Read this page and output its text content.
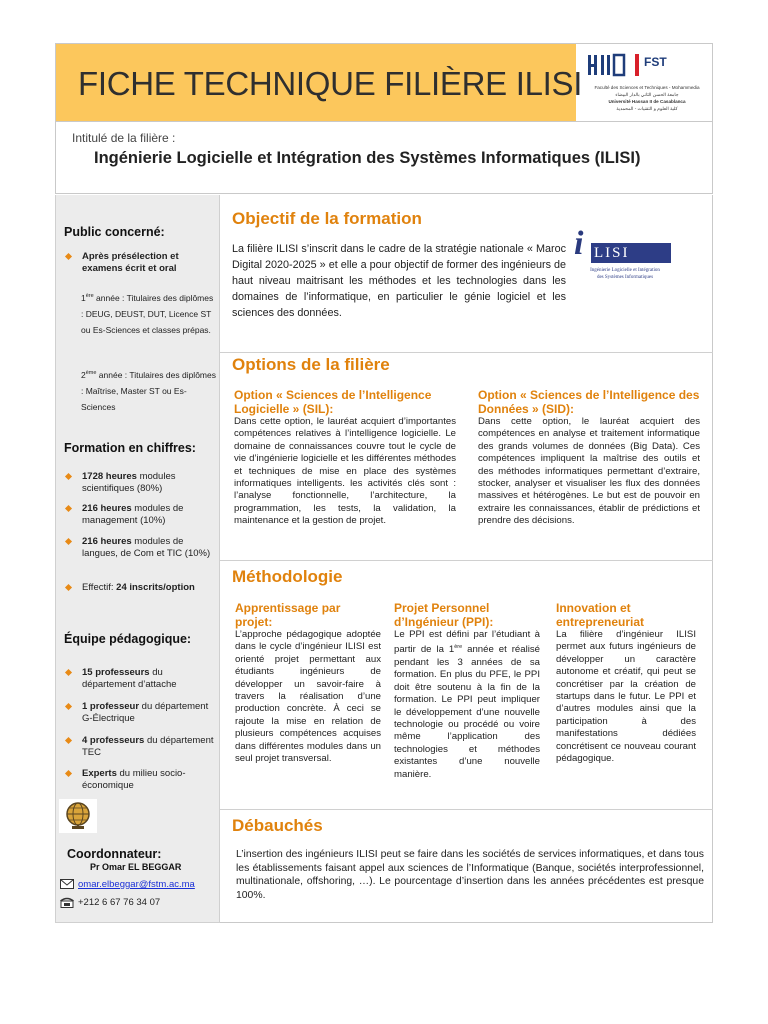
FICHE TECHNIQUE FILIÈRE ILISI
FST
Faculté des Sciences et Techniques - Mohammedia
جامعة الحسن الثاني بالدار البيضاء
Université Hassan II de Casablanca
كلية العلوم و التقنيات - المحمدية
Intitulé de la filière :
Ingénierie Logicielle et Intégration des Systèmes Informatiques (ILISI)
Public concerné:
Après présélection et examens écrit et oral
1ère année : Titulaires des diplômes : DEUG, DEUST, DUT, Licence ST ou Es-Sciences et classes prépas.
2ème année : Titulaires des diplômes : Maîtrise, Master ST ou Es-Sciences
Formation en chiffres:
1728 heures modules scientifiques (80%)
216 heures modules de management (10%)
216 heures modules de langues, de Com et TIC (10%)
Effectif: 24 inscrits/option
Équipe pédagogique:
15 professeurs du département d’attache
1 professeur du département G-Électrique
4 professeurs du département TEC
Experts du milieu socio-économique
Coordonnateur:
Pr Omar EL BEGGAR
omar.elbeggar@fstm.ac.ma
+212 6 67 76 34 07
Objectif de la formation
La filière ILISI s’inscrit dans le cadre de la stratégie nationale « Maroc Digital 2020-2025 » et elle a pour objectif de former des ingénieurs de haut niveau maitrisant les méthodes et les technologies dans les domaines de l’informatique, en particulier le génie logiciel et les sciences des données.
i LISI
Ingénierie Logicielle et Intégration
des Systèmes Informatiques
Options de la filière
Option « Sciences de l’Intelligence Logicielle » (SIL):
Dans cette option, le lauréat acquiert d’importantes compétences relatives à l’intelligence logicielle. Le domaine de connaissances couvre tout le cycle de vie d’ingénierie logicielle et les différentes méthodes et techniques de mise en place des systèmes informatiques intelligents. les activités clés sont : l’analyse fonctionnelle, l’architecture, la programmation, les tests, la validation, la maintenance et la gestion de projet.
Option « Sciences de l’Intelligence des Données » (SID):
Dans cette option, le lauréat acquiert des compétences en analyse et traitement informatique des grands volumes de données (Big Data). Ces compétences impliquent la maîtrise des outils et des méthodes informatiques permettant d’extraire, stocker, analyser et visualiser les flux des données massives et hétérogènes. Le but est de pouvoir en extraire les connaissances, établir de prédictions et prendre des décisions.
Méthodologie
Apprentissage par projet:
L’approche pédagogique adoptée dans le cycle d’ingénieur ILISI est orienté projet permettant aux étudiants ingénieurs de développer un savoir-faire à travers la réalisation d’une production concrète. À ceci se rajoute la mise en relation de plusieurs compétences acquises dans différentes modules dans un seul projet transversal.
Projet Personnel d’Ingénieur (PPI):
Le PPI est défini par l’étudiant à partir de la 1ère année et réalisé pendant les 3 années de sa formation. En plus du PFE, le PPI doit être soutenu à la fin de la formation. Le PPI peut impliquer le développement d’une nouvelle technologie ou procédé ou voire même l’application des technologies et méthodes existantes d’une nouvelle manière.
Innovation et entrepreneuriat
La filière d’ingénieur ILISI permet aux futurs ingénieurs de développer un caractère autonome et créatif, qui peut se concrétiser par la création de startups dans le futur. Le PPI et d’autres modules ainsi que la participation à des manifestations dédiées concrétisent ce nouveau courant pédagogique.
Débauchés
L’insertion des ingénieurs ILISI peut se faire dans les sociétés de services informatiques, et dans tous les établissements faisant appel aux sciences de l’Informatique (Banque, sociétés interprofessionnel, multinationale, offshoring, …). Le pourcentage d’insertion dans les années précédentes est presque 100%.
